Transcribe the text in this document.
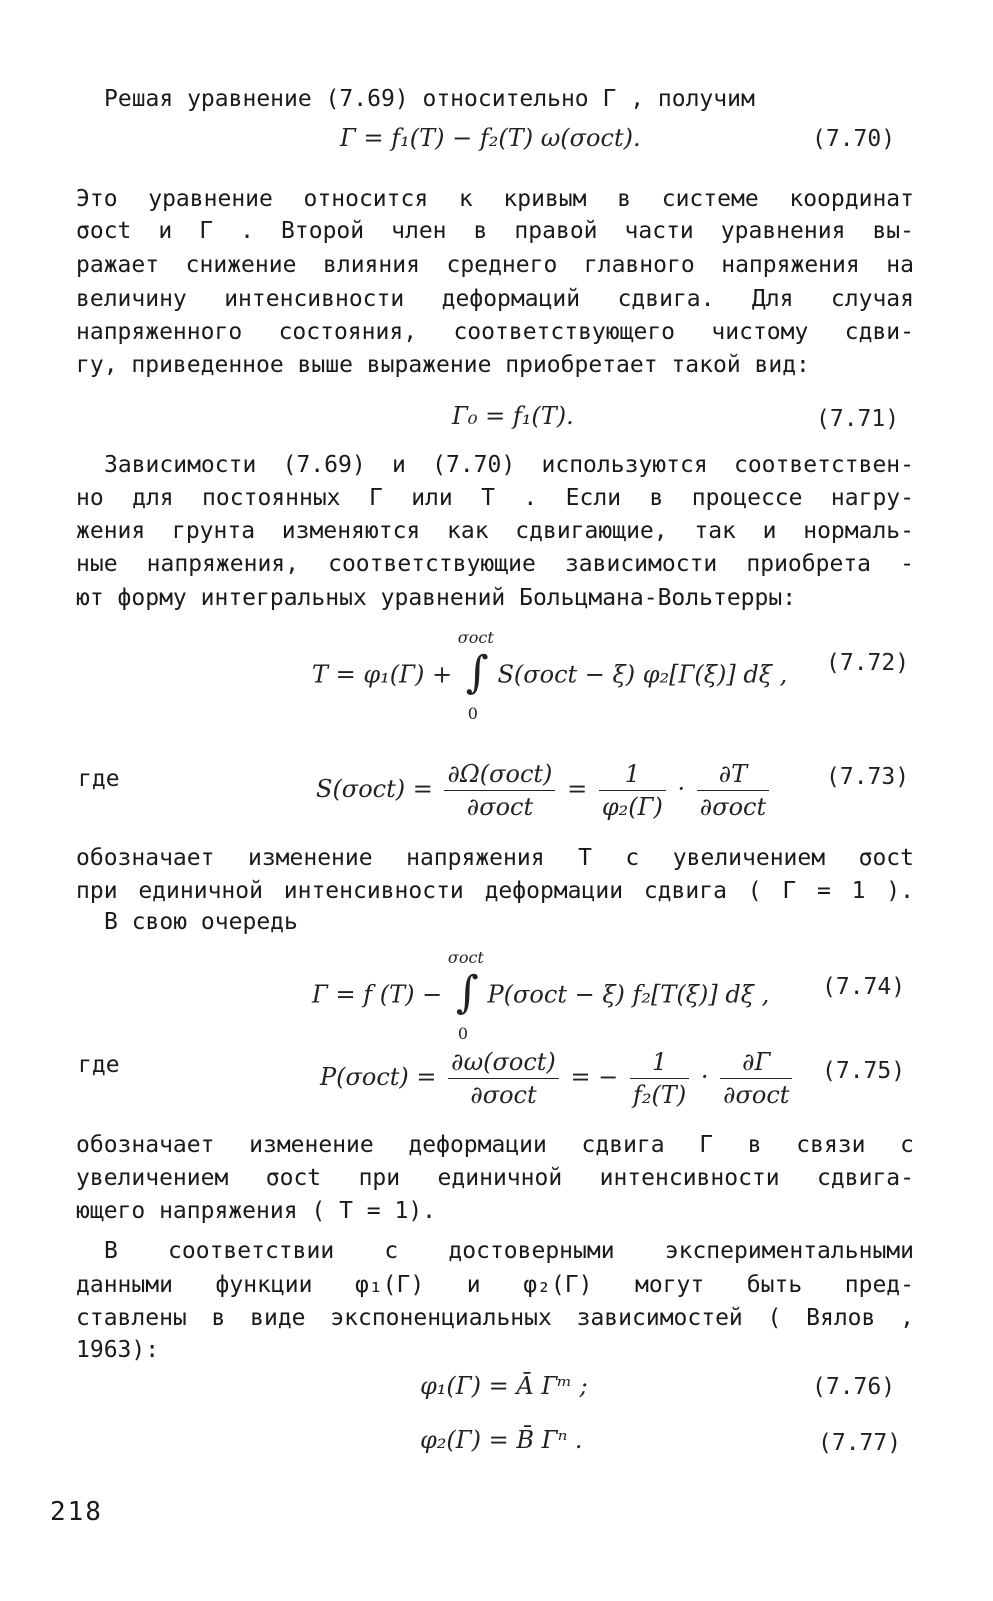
Решая уравнение (7.69) относительно Г , получим
Это уравнение относится к кривым в системе координат
σoct и Г . Второй член в правой части уравнения вы-
ражает снижение влияния среднего главного напряжения на
величину интенсивности деформаций сдвига. Для случая
напряженного состояния, соответствующего чистому сдви-
гу, приведенное выше выражение приобретает такой вид:
Зависимости (7.69) и (7.70) используются соответствен-
но для постоянных Г или Т . Если в процессе нагру-
жения грунта изменяются как сдвигающие, так и нормаль-
ные напряжения, соответствующие зависимости приобрета -
ют форму интегральных уравнений Больцмана-Вольтерры:
обозначает изменение напряжения Т с увеличением σoct
при единичной интенсивности деформации сдвига ( Г = 1 ).
В свою очередь
обозначает изменение деформации сдвига Г в связи с
увеличением σoct при единичной интенсивности сдвига-
ющего напряжения ( Т = 1).
В соответствии с достоверными экспериментальными
данными функции φ₁(Г) и φ₂(Г) могут быть пред-
ставлены в виде экспоненциальных зависимостей ( Вялов ,
1963):
Г = f₁(Т) − f₂(Т) ω(σoct).	(7.70)
Г₀ = f₁(Т).	(7.71)
Т = φ₁(Г) +
σoct
∫
0
S(σoct − ξ) φ₂[Г(ξ)] dξ , (7.72)
где	$S(\sigma oct) = \frac{\text{∂Ω(σoct)}}{\text{∂σoct}} = \frac{1}{\text{φ₂(Г)}} \cdot \frac{\partial Т}{\text{∂σoct}} (7.73)$
Г = f (Т) −
σoct
∫
0
P(σoct − ξ) f₂[Т(ξ)] dξ , (7.74)
где	$P(\sigma oct) = \frac{\text{∂ω(σoct)}}{\text{∂σoct}}$ = − $\frac{1}{\text{f₂(Т)}} \cdot \frac{\partial Г}{\text{∂σoct}} (7.75)$
φ₁(Г) = Ā Гᵐ ;	(7.76)
φ₂(Г) = B̄ Гⁿ .	(7.77)
218
